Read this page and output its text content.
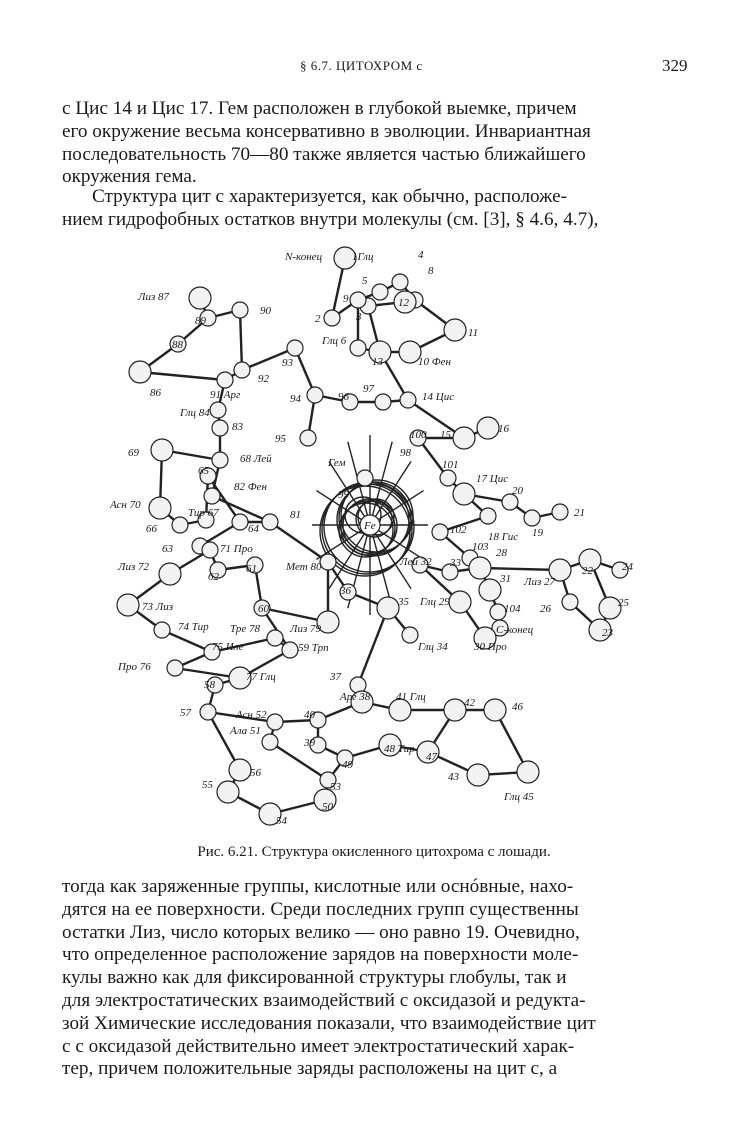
§ 6.7. ЦИТОХРОМ c	329
с Цис 14 и Цис 17. Гем расположен в глубокой выемке, причем
его окружение весьма консервативно в эволюции. Инвариантная
последовательность 70—80 также является частью ближайшего
окружения гема.
Структура цит c характеризуется, как обычно, расположе-
нием гидрофобных остатков внутри молекулы (см. [3], § 4.6, 4.7),
N-конец	1Глц	4
5
8
9
2
12
3
11
Глц 6
13	10 Фен
Лиз 87
89
90
88
86
92
91 Арг
93
94	96
97
14 Цис
Глц 84
83
95	100 15	16
69	68 Лей	Гем
98
101
17 Цис
65
82 Фен
99	20
Асн 70
Тир 67
66	64
81
Fe
18 Гис 19
21
102
103
63	71 Про
Лиз 72
62
61	Мет 80	Лей 32 33
28
Лиз 27
22	24
73 Лиз	60
Лиз 79
36
35 Глц 29
31
104 26	25
74 Тир Тре 78	С-конец	23
75 Иле	59 Трп	Глц 34 30 Про
Про 76
77 Глц
58
37
Арг 38 41 Глц	42	46
57	Асн 52	40
Ала 51
39	48 Тир
47
49
56
53
43
55
50
Глц 45
54
Рис. 6.21. Структура окисленного цитохрома c лошади.
тогда как заряженные группы, кислотные или оснóвные, нахо-
дятся на ее поверхности. Среди последних групп существенны
остатки Лиз, число которых велико — оно равно 19. Очевидно,
что определенное расположение зарядов на поверхности моле-
кулы важно как для фиксированной структуры глобулы, так и
для электростатических взаимодействий с оксидазой и редукта-
зой Химические исследования показали, что взаимодействие цит
c с оксидазой действительно имеет электростатический харак-
тер, причем положительные заряды расположены на цит c, а
